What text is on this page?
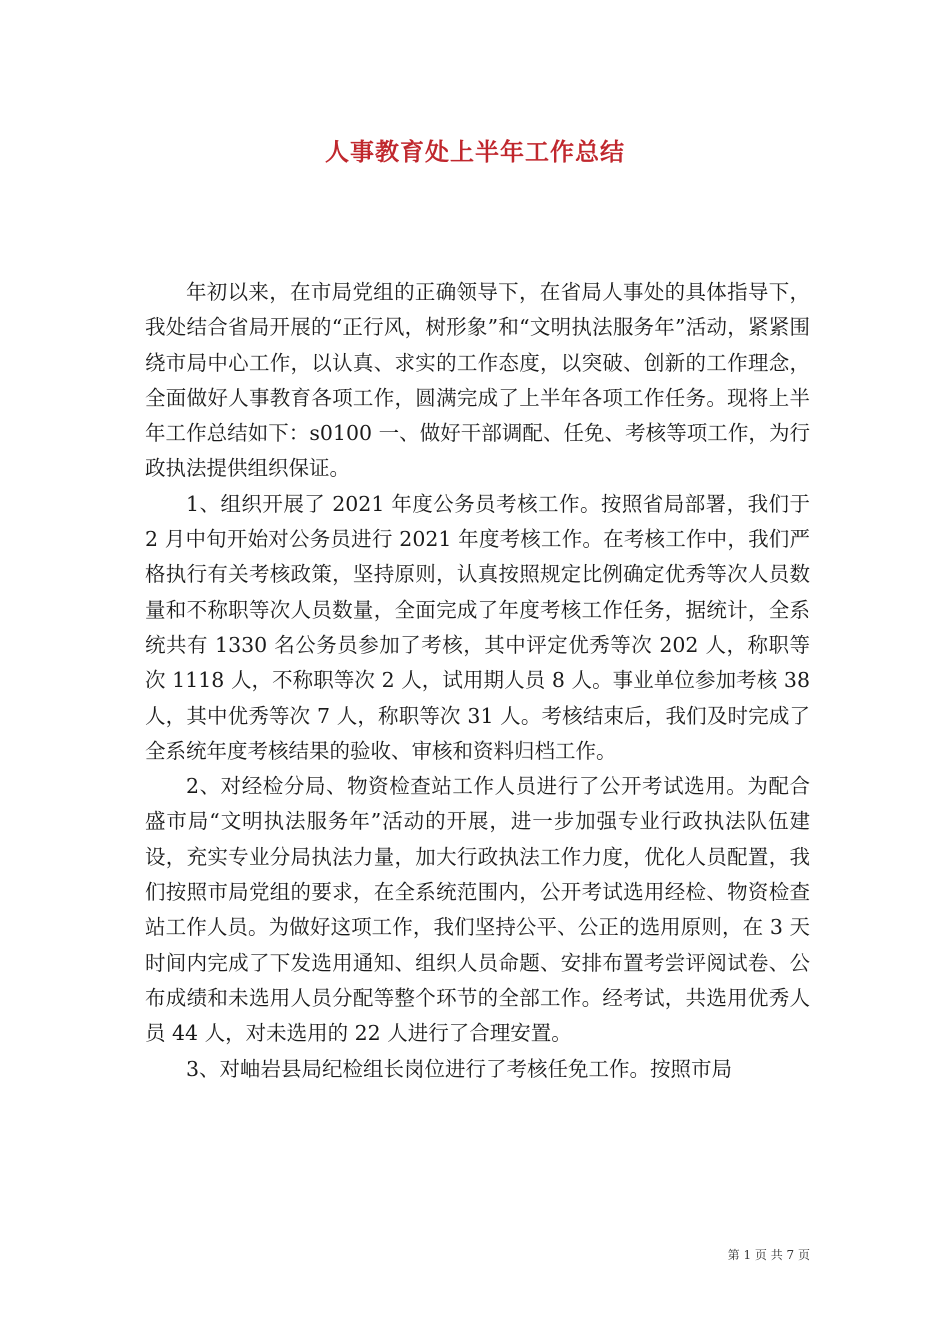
人事教育处上半年工作总结

年初以来，在市局党组的正确领导下，在省局人事处的具体指导下，我处结合省局开展的“正行风，树形象”和“文明执法服务年”活动，紧紧围绕市局中心工作，以认真、求实的工作态度，以突破、创新的工作理念，全面做好人事教育各项工作，圆满完成了上半年各项工作任务。现将上半年工作总结如下：s0100 一、做好干部调配、任免、考核等项工作，为行政执法提供组织保证。

1、组织开展了 2021 年度公务员考核工作。按照省局部署，我们于 2 月中旬开始对公务员进行 2021 年度考核工作。在考核工作中，我们严格执行有关考核政策，坚持原则，认真按照规定比例确定优秀等次人员数量和不称职等次人员数量，全面完成了年度考核工作任务，据统计，全系统共有 1330 名公务员参加了考核，其中评定优秀等次 202 人，称职等次 1118 人，不称职等次 2 人，试用期人员 8 人。事业单位参加考核 38 人，其中优秀等次 7 人，称职等次 31 人。考核结束后，我们及时完成了全系统年度考核结果的验收、审核和资料归档工作。

2、对经检分局、物资检查站工作人员进行了公开考试选用。为配合盛市局“文明执法服务年”活动的开展，进一步加强专业行政执法队伍建设，充实专业分局执法力量，加大行政执法工作力度，优化人员配置，我们按照市局党组的要求，在全系统范围内，公开考试选用经检、物资检查站工作人员。为做好这项工作，我们坚持公平、公正的选用原则，在 3 天时间内完成了下发选用通知、组织人员命题、安排布置考尝评阅试卷、公布成绩和未选用人员分配等整个环节的全部工作。经考试，共选用优秀人员 44 人，对未选用的 22 人进行了合理安置。

3、对岫岩县局纪检组长岗位进行了考核任免工作。按照市局

第 1 页 共 7 页
